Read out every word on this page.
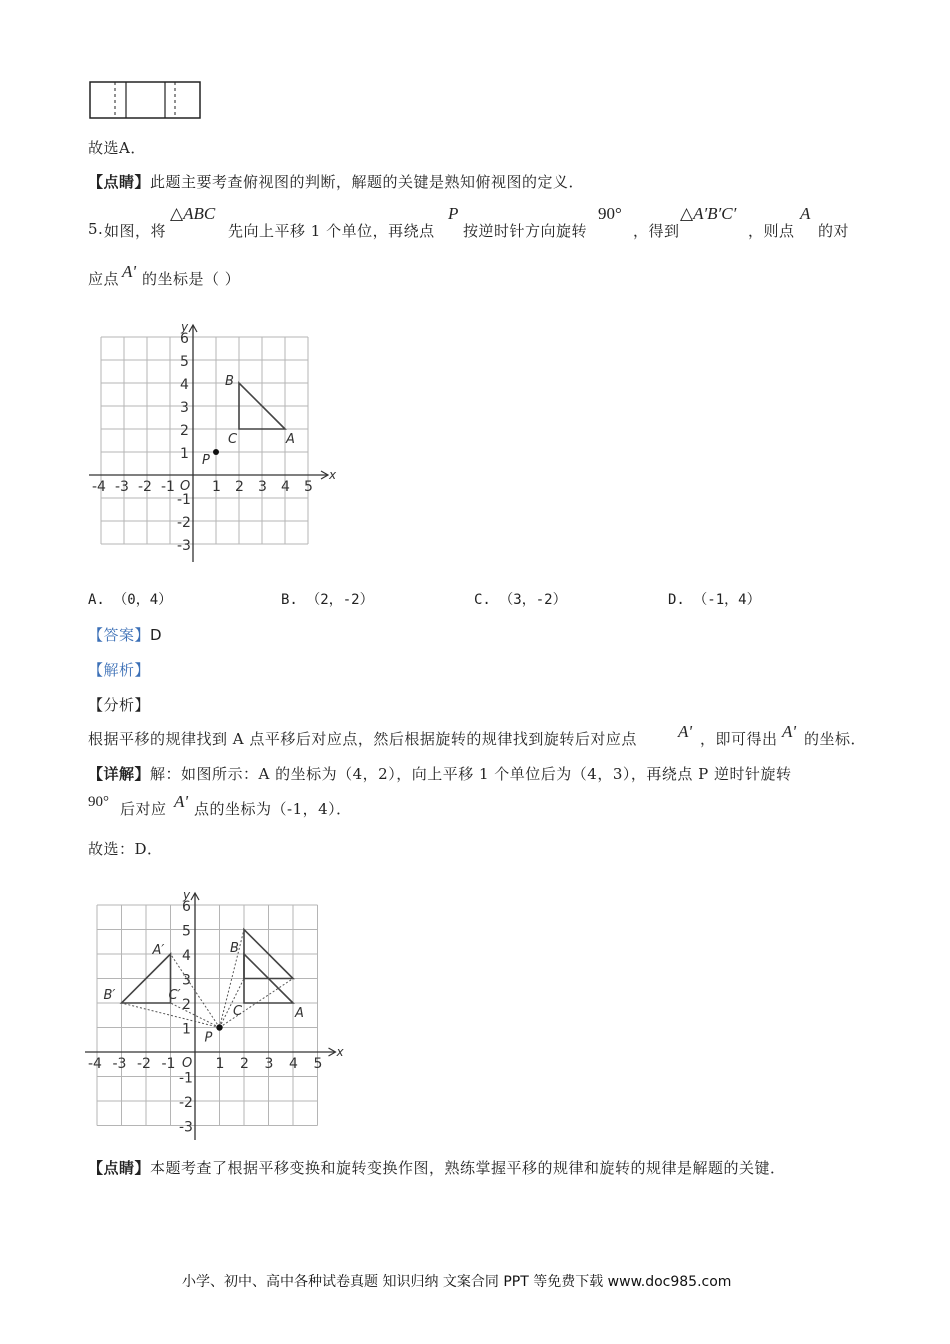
故选A．
【点睛】此题主要考查俯视图的判断，解题的关键是熟知俯视图的定义．
5. 如图，将
△ABC
先向上平移 1 个单位，再绕点
P
按逆时针方向旋转
90°
，得到
△A′B′C′
，则点
A
的对
应点 A' 的坐标是（ ）
x
y
-4 -3 -2 -1	1 2 3 4 5
6
5
4
3
2
1
-1
-2
-3
O
B
C	A
P
A. （0，4）	B. （2，-2）	C. （3，-2）	D. （-1，4）
【答案】D
【解析】
【分析】
根据平移的规律找到 A 点平移后对应点，然后根据旋转的规律找到旋转后对应点 A' ，即可得出 A' 的坐标．
【详解】解：如图所示：A 的坐标为（4，2），向上平移 1 个单位后为（4，3），再绕点 P 逆时针旋转
90° 后对应 A' 点的坐标为（-1，4）．
故选：D．
x
y
-4 -3 -2 -1	1 2 3 4 5
6
5
4
3
2
1
-1
-2
-3
O
A′
B′	C′
B
C	A
P
【点睛】本题考查了根据平移变换和旋转变换作图，熟练掌握平移的规律和旋转的规律是解题的关键．
小学、初中、高中各种试卷真题 知识归纳 文案合同 PPT 等免费下载 www.doc985.com
